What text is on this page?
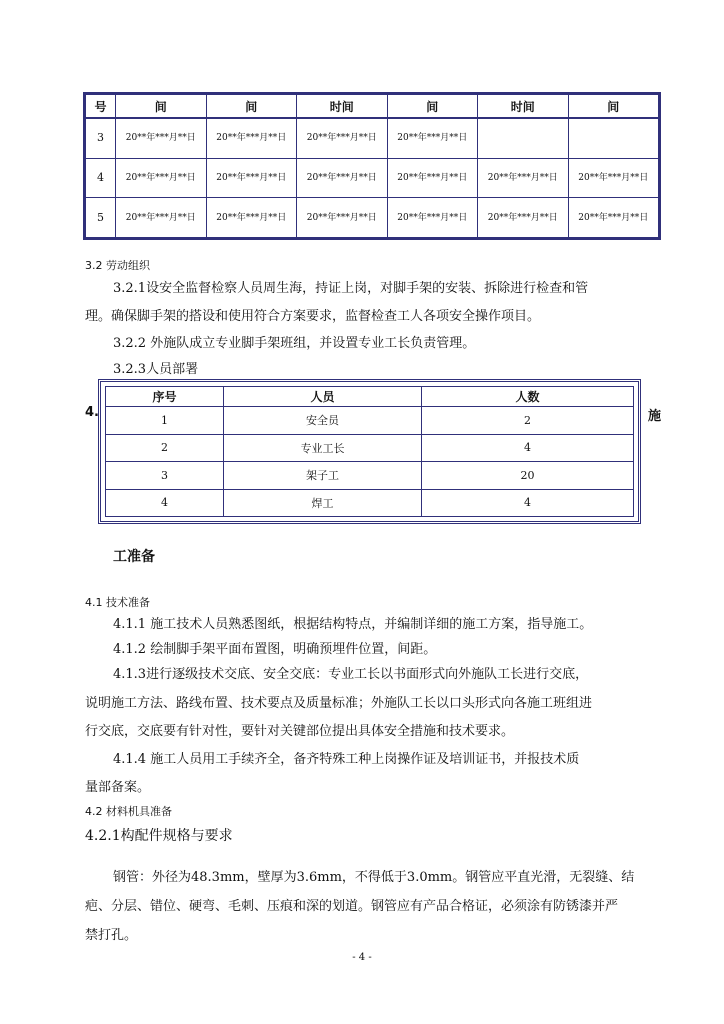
号	间	间	时间	间	时间	间
3	20**年***月**日	20**年***月**日	20**年***月**日	20**年***月**日		
4	20**年***月**日	20**年***月**日	20**年***月**日	20**年***月**日	20**年***月**日	20**年***月**日
5	20**年***月**日	20**年***月**日	20**年***月**日	20**年***月**日	20**年***月**日	20**年***月**日
3.2 劳动组织
3.2.1设安全监督检察人员周生海，持证上岗，对脚手架的安装、拆除进行检查和管
理。确保脚手架的搭设和使用符合方案要求，监督检查工人各项安全操作项目。
3.2.2 外施队成立专业脚手架班组，并设置专业工长负责管理。
3.2.3人员部署
4.	施
序号	人员	人数
1	安全员	2
2	专业工长	4
3	架子工	20
4	焊工	4
工准备
4.1 技术准备
4.1.1 施工技术人员熟悉图纸，根据结构特点，并编制详细的施工方案，指导施工。
4.1.2 绘制脚手架平面布置图，明确预埋件位置，间距。
4.1.3进行逐级技术交底、安全交底：专业工长以书面形式向外施队工长进行交底，
说明施工方法、路线布置、技术要点及质量标准；外施队工长以口头形式向各施工班组进
行交底，交底要有针对性，要针对关键部位提出具体安全措施和技术要求。
4.1.4 施工人员用工手续齐全，备齐特殊工种上岗操作证及培训证书，并报技术质
量部备案。
4.2 材料机具准备
4.2.1构配件规格与要求
钢管：外径为48.3mm，壁厚为3.6mm，不得低于3.0mm。钢管应平直光滑，无裂缝、结
疤、分层、错位、硬弯、毛刺、压痕和深的划道。钢管应有产品合格证，必须涂有防锈漆并严
禁打孔。
- 4 -
